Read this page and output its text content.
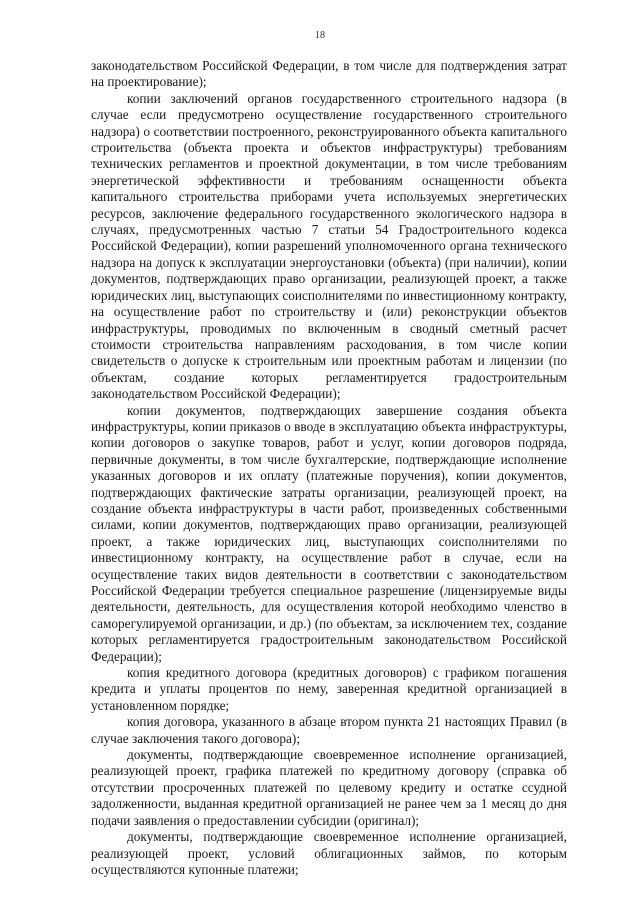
18

законодательством Российской Федерации, в том числе для подтверждения затрат на проектирование);

копии заключений органов государственного строительного надзора (в случае если предусмотрено осуществление государственного строительного надзора) о соответствии построенного, реконструированного объекта капитального строительства (объекта проекта и объектов инфраструктуры) требованиям технических регламентов и проектной документации, в том числе требованиям энергетической эффективности и требованиям оснащенности объекта капитального строительства приборами учета используемых энергетических ресурсов, заключение федерального государственного экологического надзора в случаях, предусмотренных частью 7 статьи 54 Градостроительного кодекса Российской Федерации), копии разрешений уполномоченного органа технического надзора на допуск к эксплуатации энергоустановки (объекта) (при наличии), копии документов, подтверждающих право организации, реализующей проект, а также юридических лиц, выступающих соисполнителями по инвестиционному контракту, на осуществление работ по строительству и (или) реконструкции объектов инфраструктуры, проводимых по включенным в сводный сметный расчет стоимости строительства направлениям расходования, в том числе копии свидетельств о допуске к строительным или проектным работам и лицензии (по объектам, создание которых регламентируется градостроительным законодательством Российской Федерации);

копии документов, подтверждающих завершение создания объекта инфраструктуры, копии приказов о вводе в эксплуатацию объекта инфраструктуры, копии договоров о закупке товаров, работ и услуг, копии договоров подряда, первичные документы, в том числе бухгалтерские, подтверждающие исполнение указанных договоров и их оплату (платежные поручения), копии документов, подтверждающих фактические затраты организации, реализующей проект, на создание объекта инфраструктуры в части работ, произведенных собственными силами, копии документов, подтверждающих право организации, реализующей проект, а также юридических лиц, выступающих соисполнителями по инвестиционному контракту, на осуществление работ в случае, если на осуществление таких видов деятельности в соответствии с законодательством Российской Федерации требуется специальное разрешение (лицензируемые виды деятельности, деятельность, для осуществления которой необходимо членство в саморегулируемой организации, и др.) (по объектам, за исключением тех, создание которых регламентируется градостроительным законодательством Российской Федерации);

копия кредитного договора (кредитных договоров) с графиком погашения кредита и уплаты процентов по нему, заверенная кредитной организацией в установленном порядке;

копия договора, указанного в абзаце втором пункта 21 настоящих Правил (в случае заключения такого договора);

документы, подтверждающие своевременное исполнение организацией, реализующей проект, графика платежей по кредитному договору (справка об отсутствии просроченных платежей по целевому кредиту и остатке ссудной задолженности, выданная кредитной организацией не ранее чем за 1 месяц до дня подачи заявления о предоставлении субсидии (оригинал);

документы, подтверждающие своевременное исполнение организацией, реализующей проект, условий облигационных займов, по которым осуществляются купонные платежи;
